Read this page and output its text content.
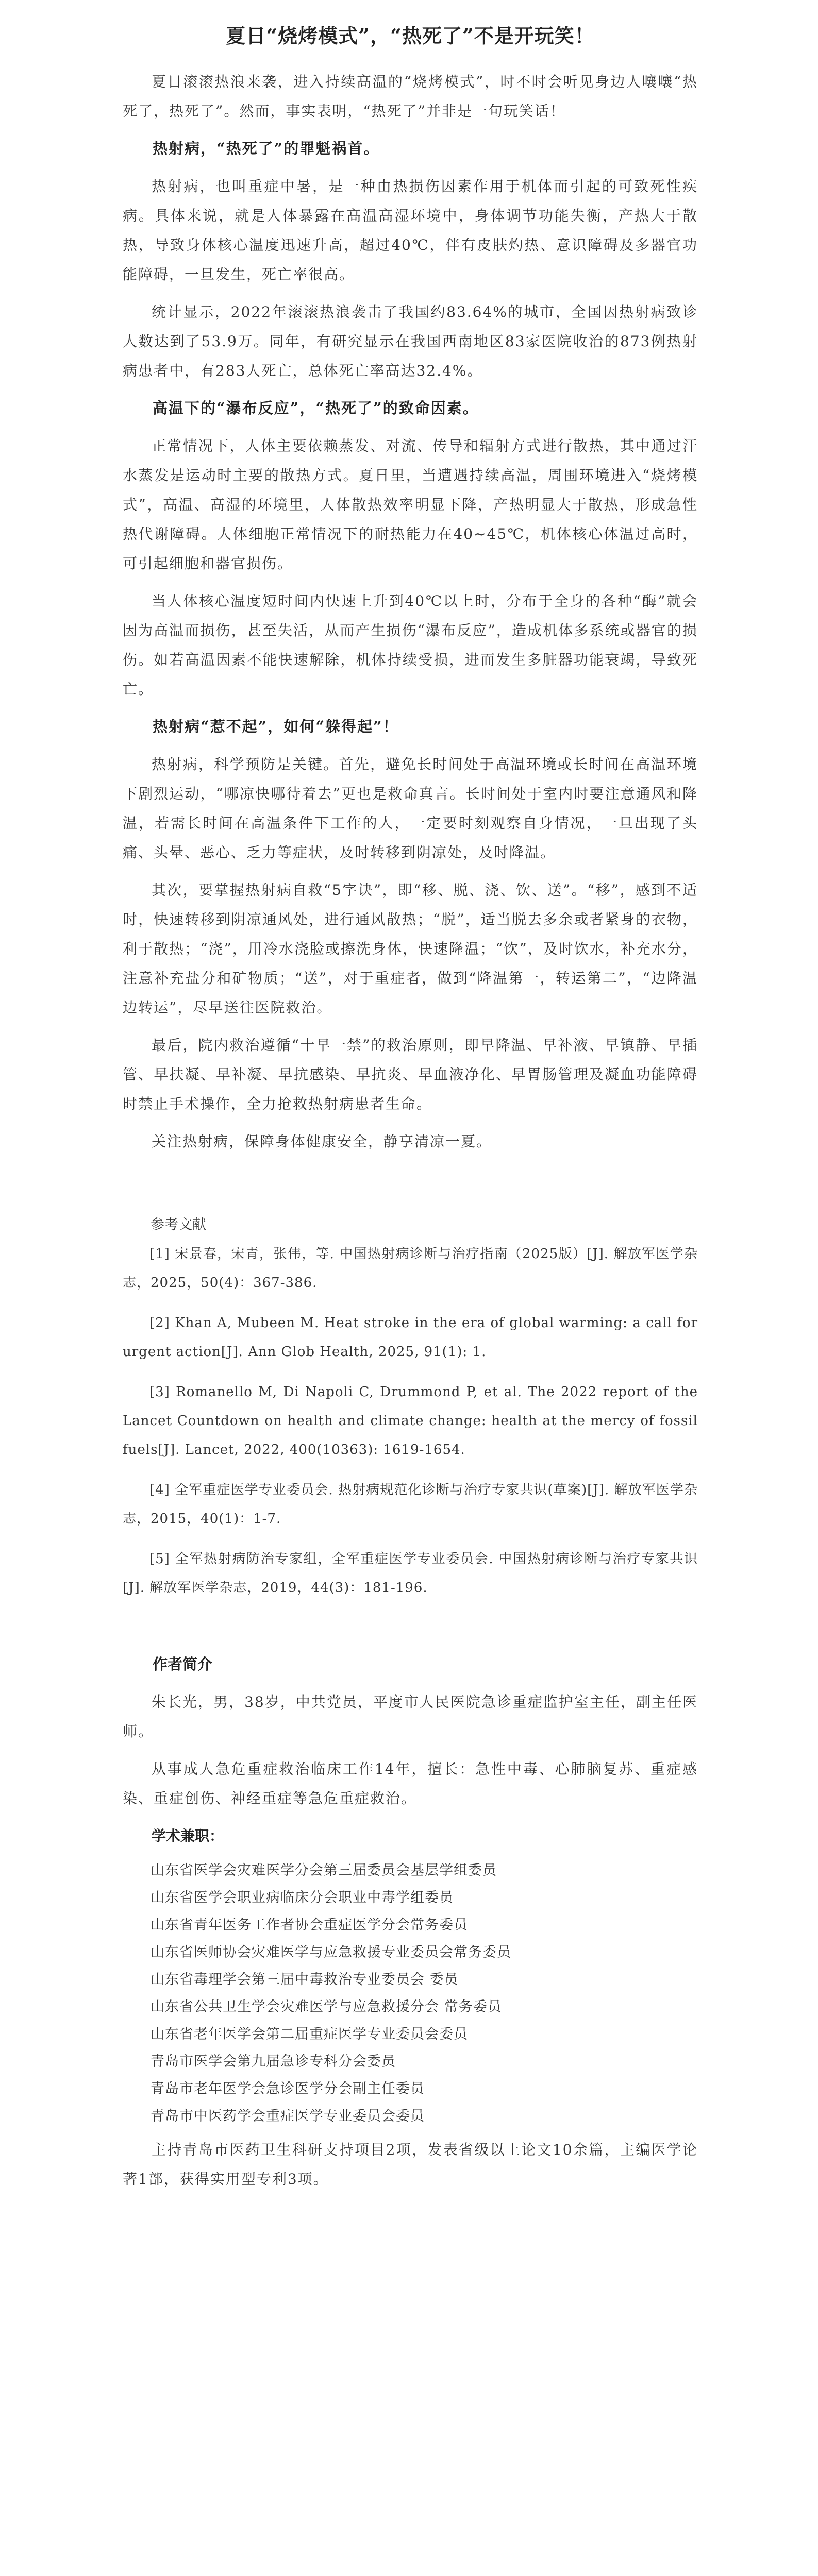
夏日“烧烤模式”，“热死了”不是开玩笑！

夏日滚滚热浪来袭，进入持续高温的“烧烤模式”，时不时会听见身边人嚷嚷“热死了，热死了”。然而，事实表明，“热死了”并非是一句玩笑话！

热射病，“热死了”的罪魁祸首。

热射病，也叫重症中暑，是一种由热损伤因素作用于机体而引起的可致死性疾病。具体来说，就是人体暴露在高温高湿环境中，身体调节功能失衡，产热大于散热，导致身体核心温度迅速升高，超过40℃，伴有皮肤灼热、意识障碍及多器官功能障碍，一旦发生，死亡率很高。

统计显示，2022年滚滚热浪袭击了我国约83.64%的城市，全国因热射病致诊人数达到了53.9万。同年，有研究显示在我国西南地区83家医院收治的873例热射病患者中，有283人死亡，总体死亡率高达32.4%。

高温下的“瀑布反应”，“热死了”的致命因素。

正常情况下，人体主要依赖蒸发、对流、传导和辐射方式进行散热，其中通过汗水蒸发是运动时主要的散热方式。夏日里，当遭遇持续高温，周围环境进入“烧烤模式”，高温、高湿的环境里，人体散热效率明显下降，产热明显大于散热，形成急性热代谢障碍。人体细胞正常情况下的耐热能力在40~45℃，机体核心体温过高时，可引起细胞和器官损伤。

当人体核心温度短时间内快速上升到40℃以上时，分布于全身的各种“酶”就会因为高温而损伤，甚至失活，从而产生损伤“瀑布反应”，造成机体多系统或器官的损伤。如若高温因素不能快速解除，机体持续受损，进而发生多脏器功能衰竭，导致死亡。

热射病“惹不起”，如何“躲得起”！

热射病，科学预防是关键。首先，避免长时间处于高温环境或长时间在高温环境下剧烈运动，“哪凉快哪待着去”更也是救命真言。长时间处于室内时要注意通风和降温，若需长时间在高温条件下工作的人，一定要时刻观察自身情况，一旦出现了头痛、头晕、恶心、乏力等症状，及时转移到阴凉处，及时降温。

其次，要掌握热射病自救“5字诀”，即“移、脱、浇、饮、送”。“移”，感到不适时，快速转移到阴凉通风处，进行通风散热；“脱”，适当脱去多余或者紧身的衣物，利于散热；“浇”，用冷水浇脸或擦洗身体，快速降温；“饮”，及时饮水，补充水分，注意补充盐分和矿物质；“送”，对于重症者，做到“降温第一，转运第二”，“边降温边转运”，尽早送往医院救治。

最后，院内救治遵循“十早一禁”的救治原则，即早降温、早补液、早镇静、早插管、早扶凝、早补凝、早抗感染、早抗炎、早血液净化、早胃肠管理及凝血功能障碍时禁止手术操作，全力抢救热射病患者生命。

关注热射病，保障身体健康安全，静享清凉一夏。

参考文献

[1] 宋景春，宋青，张伟，等. 中国热射病诊断与治疗指南（2025版）[J]. 解放军医学杂志，2025，50(4)：367-386.

[2] Khan A, Mubeen M. Heat stroke in the era of global warming: a call for urgent action[J]. Ann Glob Health, 2025, 91(1): 1.

[3] Romanello M, Di Napoli C, Drummond P, et al. The 2022 report of the Lancet Countdown on health and climate change: health at the mercy of fossil fuels[J]. Lancet, 2022, 400(10363): 1619-1654.

[4] 全军重症医学专业委员会. 热射病规范化诊断与治疗专家共识(草案)[J]. 解放军医学杂志，2015，40(1)：1-7.

[5] 全军热射病防治专家组，全军重症医学专业委员会. 中国热射病诊断与治疗专家共识[J]. 解放军医学杂志，2019，44(3)：181-196.

作者简介

朱长光，男，38岁，中共党员，平度市人民医院急诊重症监护室主任，副主任医师。

从事成人急危重症救治临床工作14年，擅长：急性中毒、心肺脑复苏、重症感染、重症创伤、神经重症等急危重症救治。

学术兼职：

山东省医学会灾难医学分会第三届委员会基层学组委员

山东省医学会职业病临床分会职业中毒学组委员

山东省青年医务工作者协会重症医学分会常务委员

山东省医师协会灾难医学与应急救援专业委员会常务委员

山东省毒理学会第三届中毒救治专业委员会 委员

山东省公共卫生学会灾难医学与应急救援分会 常务委员

山东省老年医学会第二届重症医学专业委员会委员

青岛市医学会第九届急诊专科分会委员

青岛市老年医学会急诊医学分会副主任委员

青岛市中医药学会重症医学专业委员会委员

主持青岛市医药卫生科研支持项目2项，发表省级以上论文10余篇，主编医学论著1部，获得实用型专利3项。
